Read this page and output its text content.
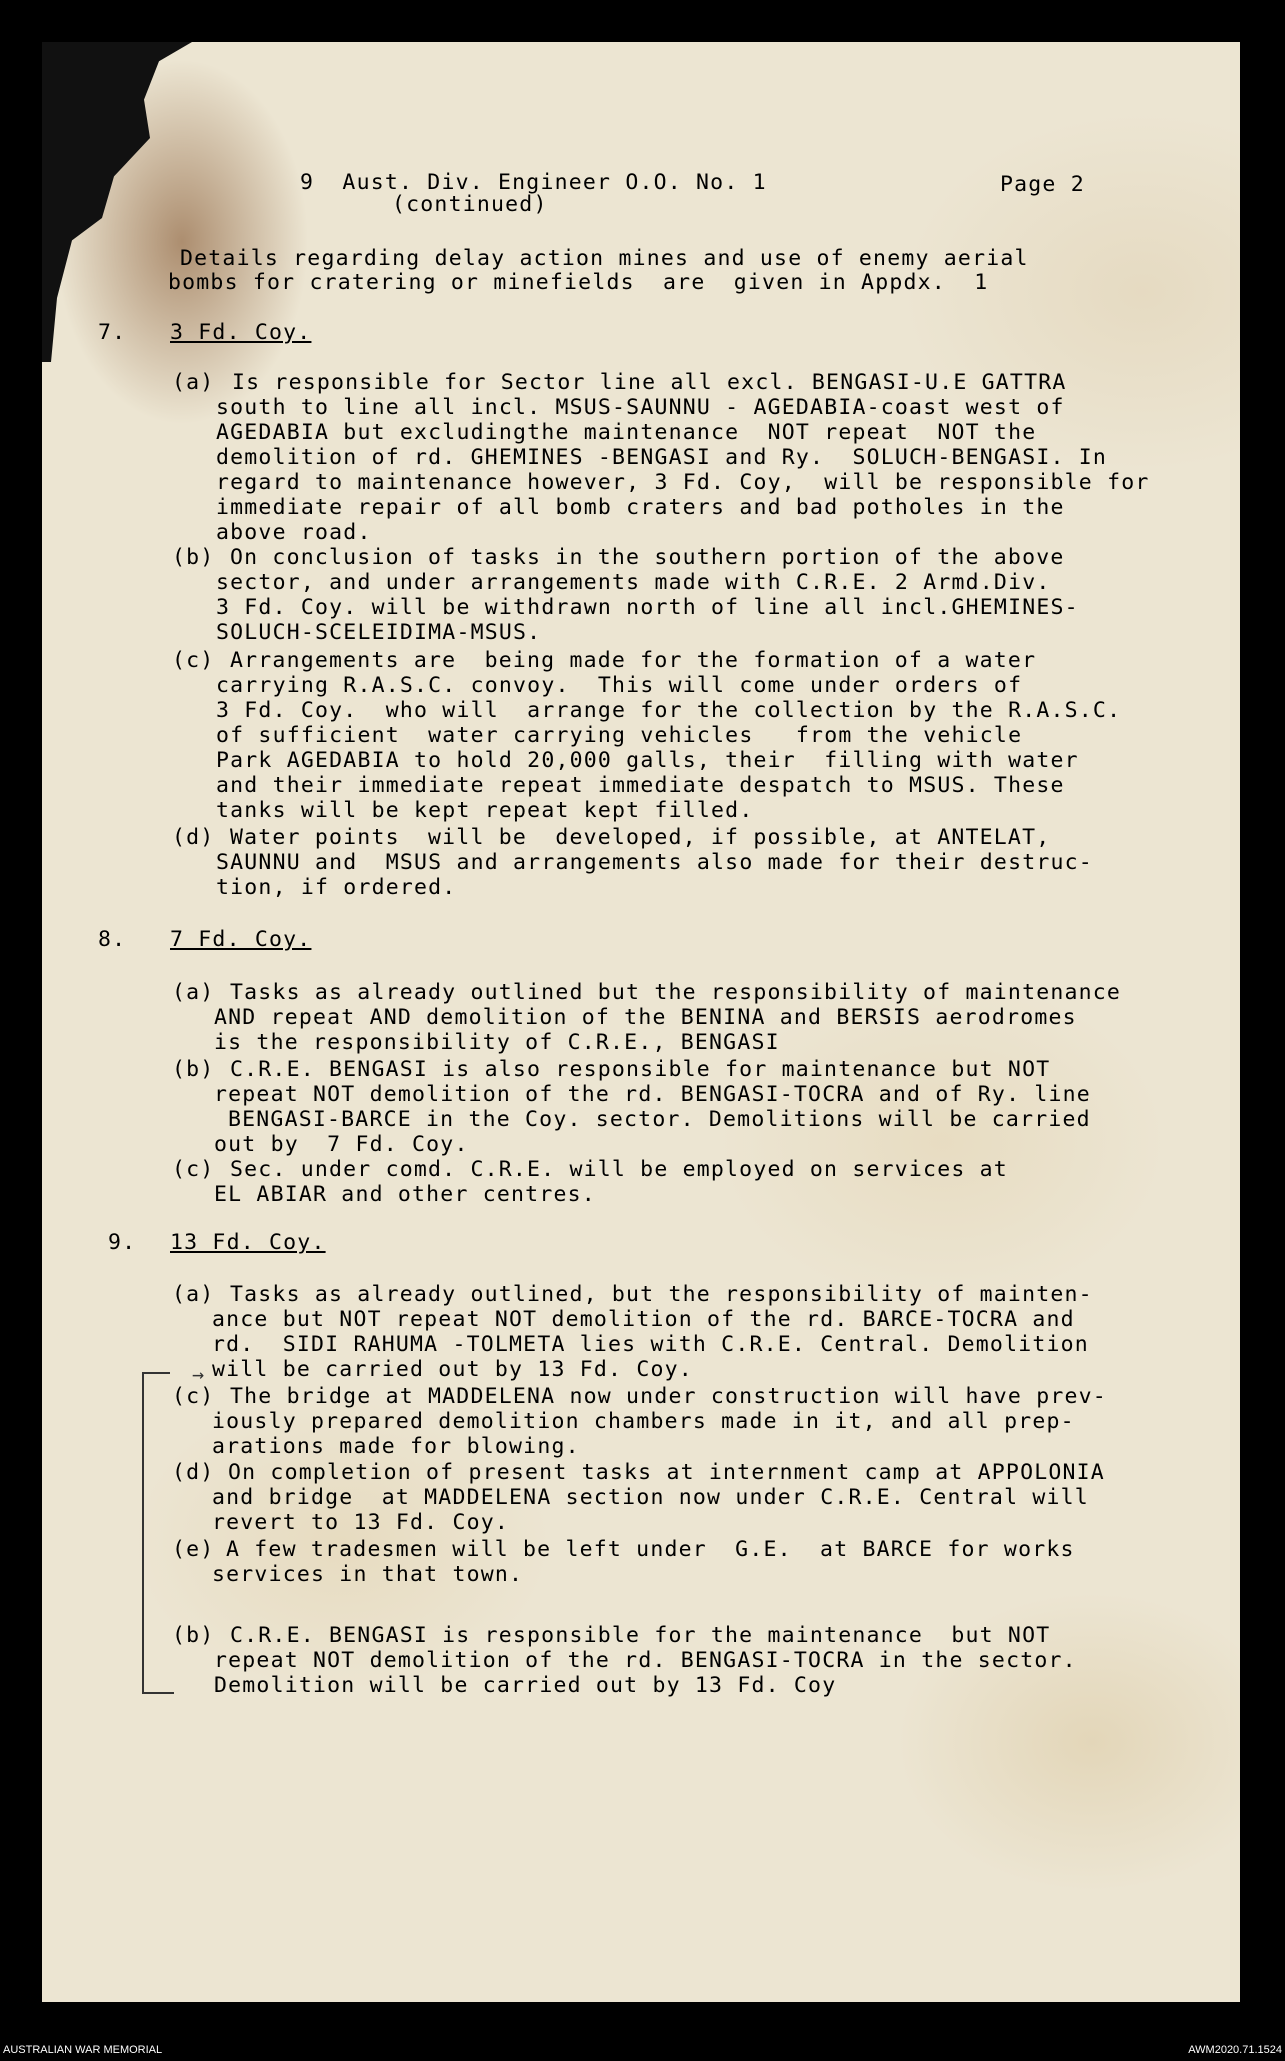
9  Aust. Div. Engineer O.O. No. 1
(continued)
Page 2
Details regarding delay action mines and use of enemy aerial
bombs for cratering or minefields  are  given in Appdx.  1
7. 3 Fd. Coy.
(a) Is responsible for Sector line all excl. BENGASI-U.E GATTRA
south to line all incl. MSUS-SAUNNU - AGEDABIA-coast west of
AGEDABIA but excludingthe maintenance  NOT repeat  NOT the
demolition of rd. GHEMINES -BENGASI and Ry.  SOLUCH-BENGASI. In
regard to maintenance however, 3 Fd. Coy,  will be responsible for
immediate repair of all bomb craters and bad potholes in the
above road.
(b) On conclusion of tasks in the southern portion of the above
sector, and under arrangements made with C.R.E. 2 Armd.Div.
3 Fd. Coy. will be withdrawn north of line all incl.GHEMINES-
SOLUCH-SCELEIDIMA-MSUS.
(c) Arrangements are  being made for the formation of a water
carrying R.A.S.C. convoy.  This will come under orders of
3 Fd. Coy.  who will  arrange for the collection by the R.A.S.C.
of sufficient  water carrying vehicles   from the vehicle
Park AGEDABIA to hold 20,000 galls, their  filling with water
and their immediate repeat immediate despatch to MSUS. These
tanks will be kept repeat kept filled.
(d) Water points  will be  developed, if possible, at ANTELAT,
SAUNNU and  MSUS and arrangements also made for their destruc-
tion, if ordered.
8. 7 Fd. Coy.
(a) Tasks as already outlined but the responsibility of maintenance
AND repeat AND demolition of the BENINA and BERSIS aerodromes
is the responsibility of C.R.E., BENGASI
(b) C.R.E. BENGASI is also responsible for maintenance but NOT
repeat NOT demolition of the rd. BENGASI-TOCRA and of Ry. line
BENGASI-BARCE in the Coy. sector. Demolitions will be carried
out by  7 Fd. Coy.
(c) Sec. under comd. C.R.E. will be employed on services at
EL ABIAR and other centres.
9. 13 Fd. Coy.
(a) Tasks as already outlined, but the responsibility of mainten-
ance but NOT repeat NOT demolition of the rd. BARCE-TOCRA and
rd.  SIDI RAHUMA -TOLMETA lies with C.R.E. Central. Demolition
will be carried out by 13 Fd. Coy.
(c) The bridge at MADDELENA now under construction will have prev-
iously prepared demolition chambers made in it, and all prep-
arations made for blowing.
(d) On completion of present tasks at internment camp at APPOLONIA
and bridge  at MADDELENA section now under C.R.E. Central will
revert to 13 Fd. Coy.
(e) A few tradesmen will be left under  G.E.  at BARCE for works
services in that town.
(b) C.R.E. BENGASI is responsible for the maintenance  but NOT
repeat NOT demolition of the rd. BENGASI-TOCRA in the sector.
Demolition will be carried out by 13 Fd. Coy
→
AUSTRALIAN WAR MEMORIAL	AWM2020.71.1524
